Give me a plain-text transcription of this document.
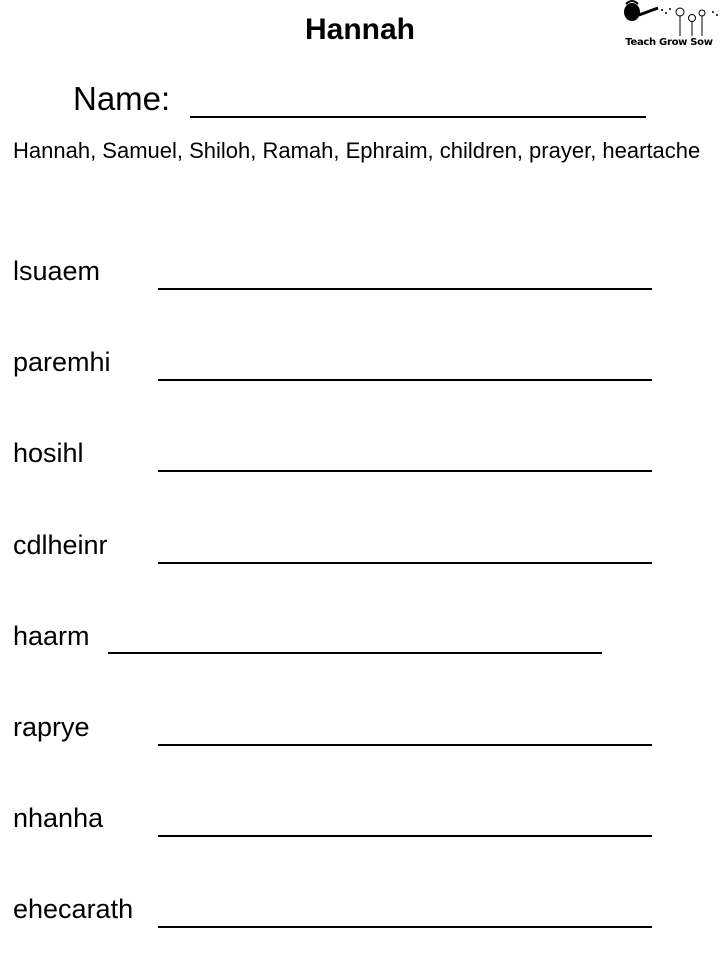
Hannah	Teach Grow Sow
Name:
Hannah, Samuel, Shiloh, Ramah, Ephraim, children, prayer, heartache
lsuaem
paremhi
hosihl
cdlheinr
haarm
raprye
nhanha
ehecarath
